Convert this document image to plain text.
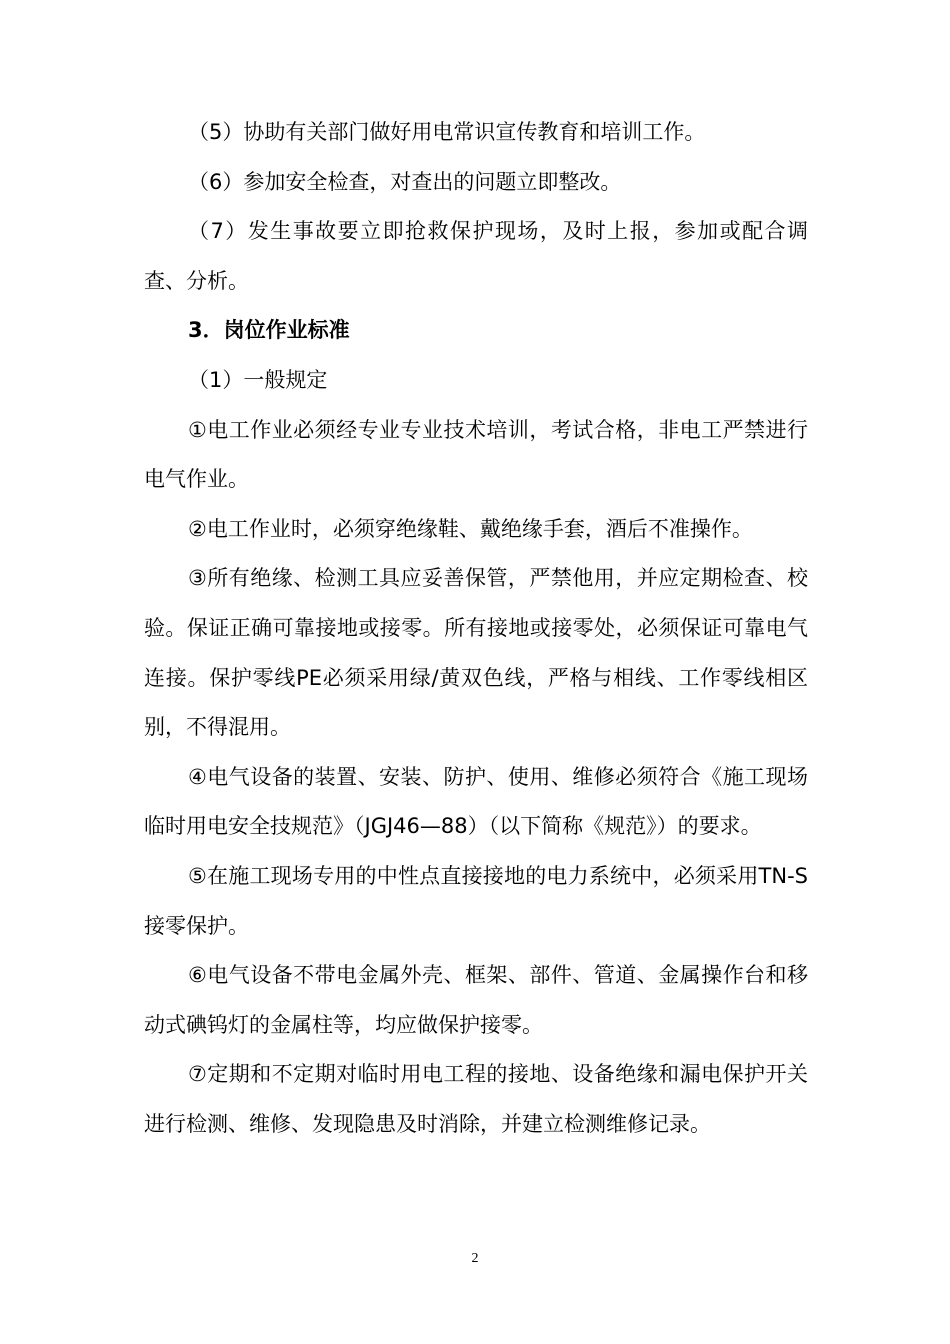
（5）协助有关部门做好用电常识宣传教育和培训工作。

（6）参加安全检查，对查出的问题立即整改。

（7）发生事故要立即抢救保护现场，及时上报，参加或配合调查、分析。

3．岗位作业标准

（1）一般规定

①电工作业必须经专业专业技术培训，考试合格，非电工严禁进行电气作业。

②电工作业时，必须穿绝缘鞋、戴绝缘手套，酒后不准操作。

③所有绝缘、检测工具应妥善保管，严禁他用，并应定期检查、校验。保证正确可靠接地或接零。所有接地或接零处，必须保证可靠电气连接。保护零线PE必须采用绿/黄双色线，严格与相线、工作零线相区别，不得混用。

④电气设备的装置、安装、防护、使用、维修必须符合《施工现场临时用电安全技规范》（JGJ46—88）（以下简称《规范》）的要求。

⑤在施工现场专用的中性点直接接地的电力系统中，必须采用TN-S接零保护。

⑥电气设备不带电金属外壳、框架、部件、管道、金属操作台和移动式碘钨灯的金属柱等，均应做保护接零。

⑦定期和不定期对临时用电工程的接地、设备绝缘和漏电保护开关进行检测、维修、发现隐患及时消除，并建立检测维修记录。

2
